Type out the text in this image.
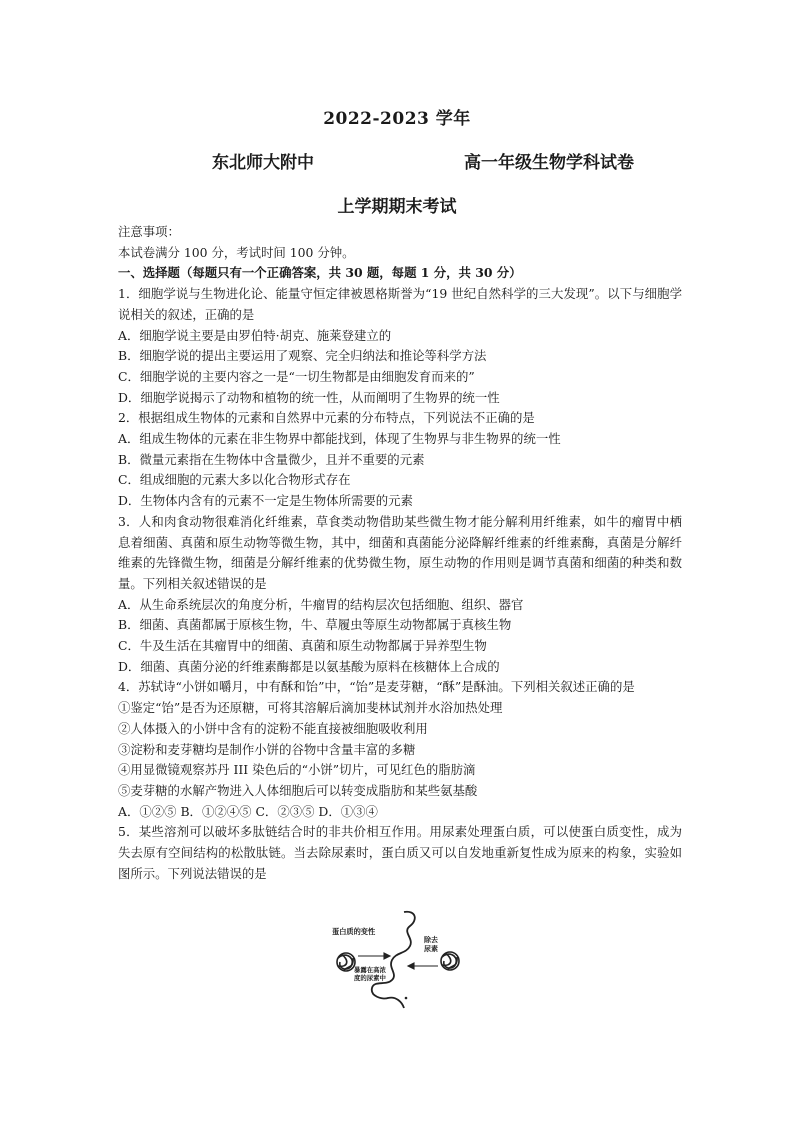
2022-2023 学年
东北师大附中	高一年级生物学科试卷
上学期期末考试

注意事项：

本试卷满分 100 分，考试时间 100 分钟。

一、选择题（每题只有一个正确答案，共 30 题，每题 1 分，共 30 分）

1．细胞学说与生物进化论、能量守恒定律被恩格斯誉为“19 世纪自然科学的三大发现”。以下与细胞学说相关的叙述，正确的是

A．细胞学说主要是由罗伯特·胡克、施莱登建立的

B．细胞学说的提出主要运用了观察、完全归纳法和推论等科学方法

C．细胞学说的主要内容之一是“一切生物都是由细胞发育而来的”

D．细胞学说揭示了动物和植物的统一性，从而阐明了生物界的统一性

2．根据组成生物体的元素和自然界中元素的分布特点，下列说法不正确的是

A．组成生物体的元素在非生物界中都能找到，体现了生物界与非生物界的统一性

B．微量元素指在生物体中含量微少，且并不重要的元素

C．组成细胞的元素大多以化合物形式存在

D．生物体内含有的元素不一定是生物体所需要的元素

3．人和肉食动物很难消化纤维素，草食类动物借助某些微生物才能分解利用纤维素，如牛的瘤胃中栖息着细菌、真菌和原生动物等微生物，其中，细菌和真菌能分泌降解纤维素的纤维素酶，真菌是分解纤维素的先锋微生物，细菌是分解纤维素的优势微生物，原生动物的作用则是调节真菌和细菌的种类和数量。下列相关叙述错误的是

A．从生命系统层次的角度分析，牛瘤胃的结构层次包括细胞、组织、器官

B．细菌、真菌都属于原核生物，牛、草履虫等原生动物都属于真核生物

C．牛及生活在其瘤胃中的细菌、真菌和原生动物都属于异养型生物

D．细菌、真菌分泌的纤维素酶都是以氨基酸为原料在核糖体上合成的

4．苏轼诗“小饼如嚼月，中有酥和饴”中，“饴”是麦芽糖，“酥”是酥油。下列相关叙述正确的是

①鉴定“饴”是否为还原糖，可将其溶解后滴加斐林试剂并水浴加热处理

②人体摄入的小饼中含有的淀粉不能直接被细胞吸收利用

③淀粉和麦芽糖均是制作小饼的谷物中含量丰富的多糖

④用显微镜观察苏丹 III 染色后的“小饼”切片，可见红色的脂肪滴

⑤麦芽糖的水解产物进入人体细胞后可以转变成脂肪和某些氨基酸

A．①②⑤ B．①②④⑤ C．②③⑤ D．①③④

5．某些溶剂可以破坏多肽链结合时的非共价相互作用。用尿素处理蛋白质，可以使蛋白质变性，成为失去原有空间结构的松散肽链。当去除尿素时，蛋白质又可以自发地重新复性成为原来的构象，实验如图所示。下列说法错误的是

蛋白质的变性
除去
尿素
暴露在高浓
度的尿素中
